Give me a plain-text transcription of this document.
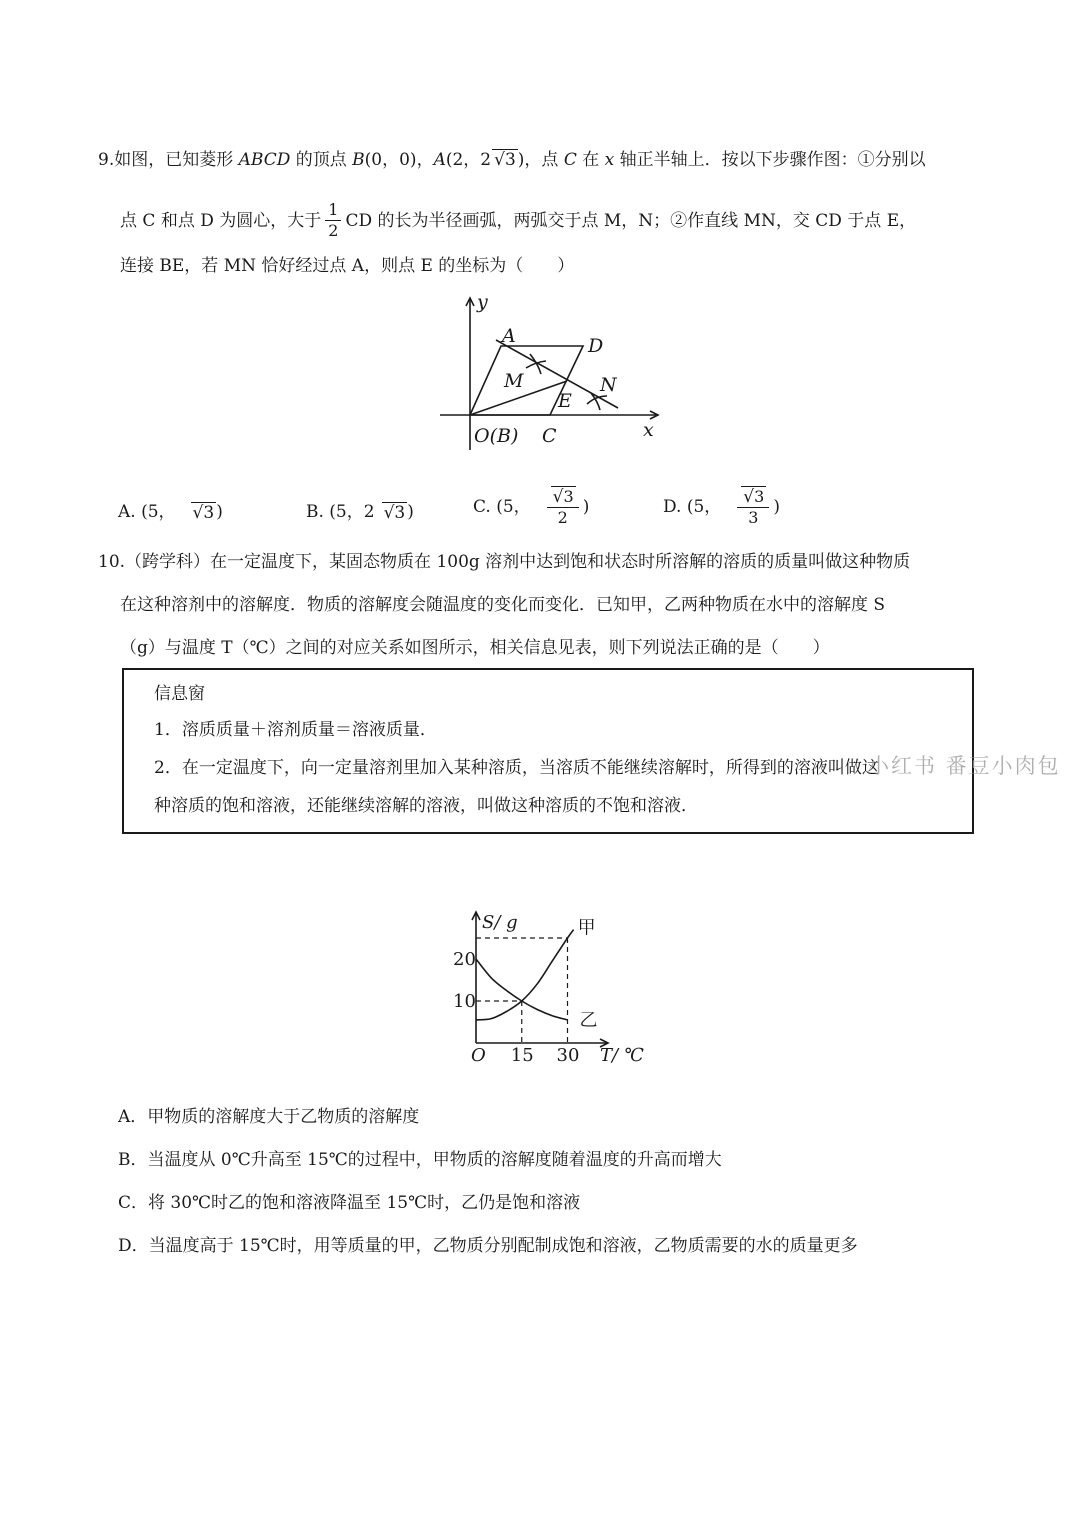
9.如图，已知菱形 ABCD 的顶点 B(0，0)，A(2，2 √3 )，点 C 在 x 轴正半轴上．按以下步骤作图：①分别以
点 C 和点 D 为圆心，大于 $\frac{1}{2}$ CD 的长为半径画弧，两弧交于点 M，N；②作直线 MN，交 CD 于点 E，
连接 BE，若 MN 恰好经过点 A，则点 E 的坐标为（　　）
y
x
A	D
M	N
E
O(B) C
A. (5， √3 )	B. (5，2 √3 )	C. (5， $\frac{√3}{2}$ )	D. (5， $\frac{√3}{3}$ )
10.（跨学科）在一定温度下，某固态物质在 100g 溶剂中达到饱和状态时所溶解的溶质的质量叫做这种物质
在这种溶剂中的溶解度．物质的溶解度会随温度的变化而变化．已知甲，乙两种物质在水中的溶解度 S
（g）与温度 T（℃）之间的对应关系如图所示，相关信息见表，则下列说法正确的是（　　）
信息窗
1．溶质质量＋溶剂质量＝溶液质量．
2．在一定温度下，向一定量溶剂里加入某种溶质，当溶质不能继续溶解时，所得到的溶液叫做这
种溶质的饱和溶液，还能继续溶解的溶液，叫做这种溶质的不饱和溶液．
小红书 番豆小肉包
甲
乙
10
20
15 30
O
S/ g
T/ ℃
A．甲物质的溶解度大于乙物质的溶解度
B．当温度从 0℃升高至 15℃的过程中，甲物质的溶解度随着温度的升高而增大
C．将 30℃时乙的饱和溶液降温至 15℃时，乙仍是饱和溶液
D．当温度高于 15℃时，用等质量的甲，乙物质分别配制成饱和溶液，乙物质需要的水的质量更多
